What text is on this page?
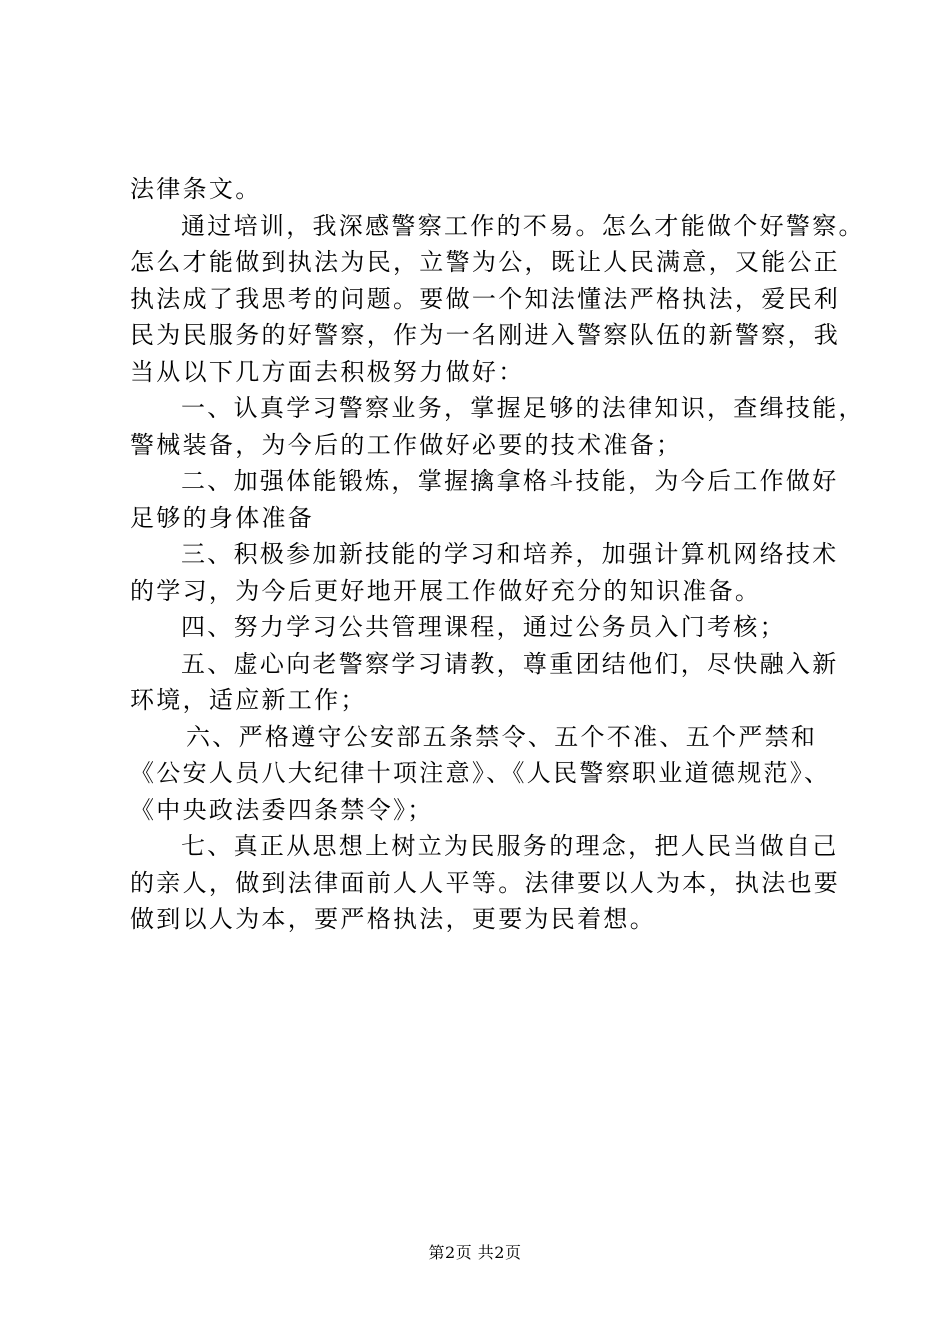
法律条文。

通过培训，我深感警察工作的不易。怎么才能做个好警察。

怎么才能做到执法为民，立警为公，既让人民满意，又能公正

执法成了我思考的问题。要做一个知法懂法严格执法，爱民利

民为民服务的好警察，作为一名刚进入警察队伍的新警察，我

当从以下几方面去积极努力做好：

一、认真学习警察业务，掌握足够的法律知识，查缉技能，

警械装备，为今后的工作做好必要的技术准备；

二、加强体能锻炼，掌握擒拿格斗技能，为今后工作做好

足够的身体准备

三、积极参加新技能的学习和培养，加强计算机网络技术

的学习，为今后更好地开展工作做好充分的知识准备。

四、努力学习公共管理课程，通过公务员入门考核；

五、虚心向老警察学习请教，尊重团结他们，尽快融入新

环境，适应新工作；

六、严格遵守公安部五条禁令、五个不准、五个严禁和

《公安人员八大纪律十项注意》、《人民警察职业道德规范》、

《中央政法委四条禁令》；

七、真正从思想上树立为民服务的理念，把人民当做自己

的亲人，做到法律面前人人平等。法律要以人为本，执法也要

做到以人为本，要严格执法，更要为民着想。

第2页 共2页
